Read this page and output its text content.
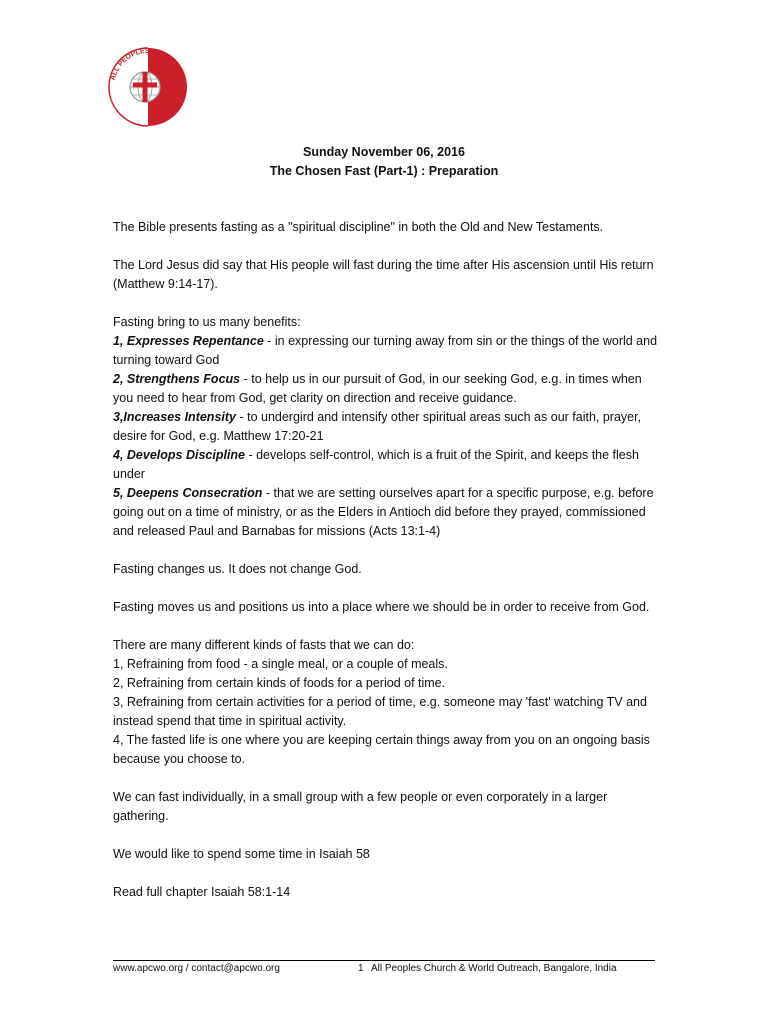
ALL PEOPLES CHURCH
Sunday November 06, 2016
The Chosen Fast (Part-1) : Preparation

The Bible presents fasting as a "spiritual discipline" in both the Old and New Testaments.

The Lord Jesus did say that His people will fast during the time after His ascension until His return (Matthew 9:14-17).

Fasting bring to us many benefits:
1, Expresses Repentance - in expressing our turning away from sin or the things of the world and turning toward God
2, Strengthens Focus - to help us in our pursuit of God, in our seeking God, e.g. in times when you need to hear from God, get clarity on direction and receive guidance.
3,Increases Intensity - to undergird and intensify other spiritual areas such as our faith, prayer, desire for God, e.g. Matthew 17:20-21
4, Develops Discipline - develops self-control, which is a fruit of the Spirit, and keeps the flesh under
5, Deepens Consecration - that we are setting ourselves apart for a specific purpose, e.g. before going out on a time of ministry, or as the Elders in Antioch did before they prayed, commissioned and released Paul and Barnabas for missions (Acts 13:1-4)

Fasting changes us. It does not change God.

Fasting moves us and positions us into a place where we should be in order to receive from God.

There are many different kinds of fasts that we can do:
1, Refraining from food - a single meal, or a couple of meals.
2, Refraining from certain kinds of foods for a period of time.
3, Refraining from certain activities for a period of time, e.g. someone may 'fast' watching TV and instead spend that time in spiritual activity.
4, The fasted life is one where you are keeping certain things away from you on an ongoing basis because you choose to.

We can fast individually, in a small group with a few people or even corporately in a larger gathering.

We would like to spend some time in Isaiah 58

Read full chapter Isaiah 58:1-14

www.apcwo.org / contact@apcwo.org	1 All Peoples Church & World Outreach, Bangalore, India
